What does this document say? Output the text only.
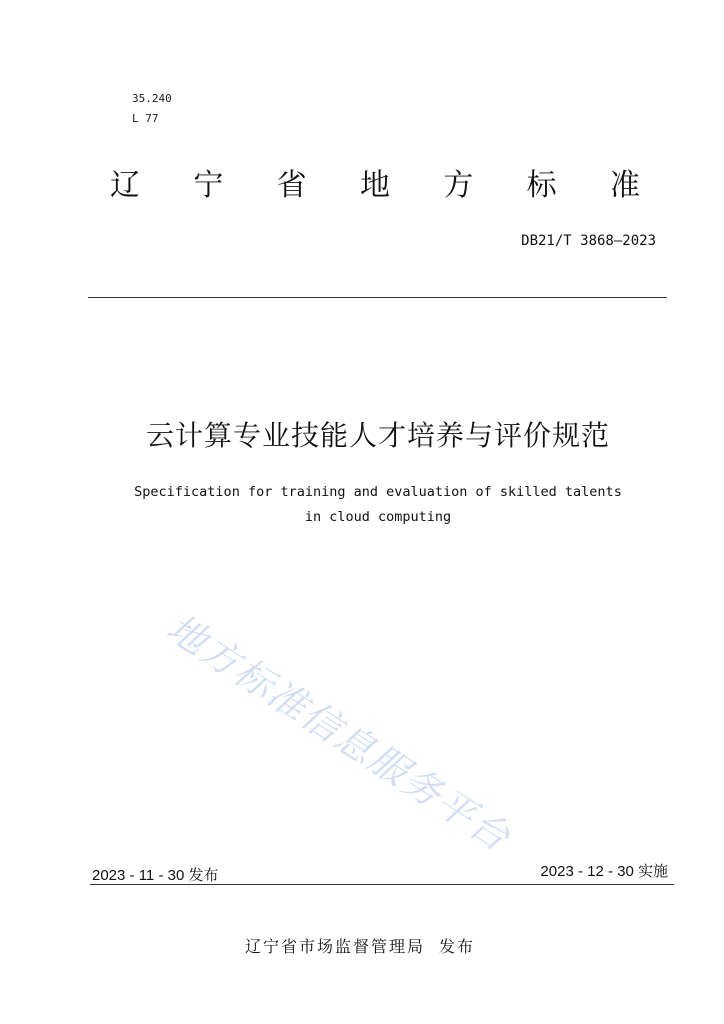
35.240
L 77
辽 宁 省 地 方 标 准
DB21/T 3868—2023
云计算专业技能人才培养与评价规范
Specification for training and evaluation of skilled talents
in cloud computing
地方标准信息服务平台
2023 - 11 - 30 发布	2023 - 12 - 30 实施
辽宁省市场监督管理局 发布
